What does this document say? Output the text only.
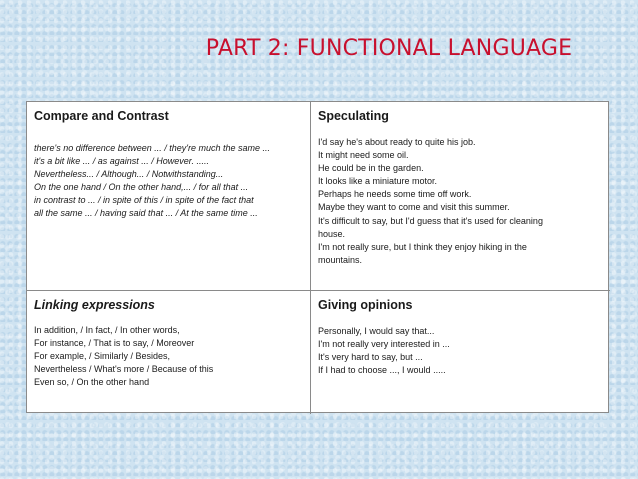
PART 2: FUNCTIONAL LANGUAGE
Compare and Contrast
there's no difference between ... / they're much the same ...
it's a bit like ... / as against ... / However. .....
Nevertheless... / Although... / Notwithstanding...
On the one hand / On the other hand,... / for all that ...
in contrast to ... / in spite of this / in spite of the fact that
all the same ... / having said that ... / At the same time ...
Speculating
I'd say he's about ready to quite his job.
It might need some oil.
He could be in the garden.
It looks like a miniature motor.
Perhaps he needs some time off work.
Maybe they want to come and visit this summer.
It's difficult to say, but I'd guess that it's used for cleaning
house.
I'm not really sure, but I think they enjoy hiking in the
mountains.
Linking expressions
In addition, / In fact, / In other words,
For instance, / That is to say, / Moreover
For example, / Similarly / Besides,
Nevertheless / What's more / Because of this
Even so, / On the other hand
Giving opinions
Personally, I would say that...
I'm not really very interested in ...
It's very hard to say, but ...
If I had to choose ..., I would .....
